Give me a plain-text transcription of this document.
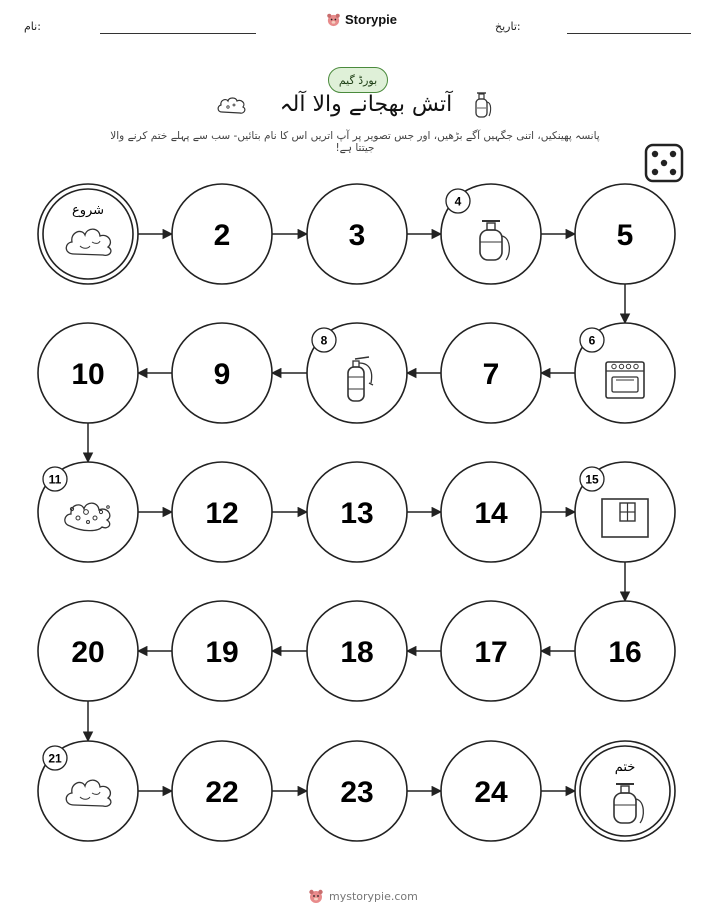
نام:	تاریخ:
Storypie
بورڈ گیم
آتش بھجانے والا آلہ
پانسہ پھینکیں، اتنی جگہیں آگے بڑھیں، اور جس تصویر پر آپ اتریں اس کا نام بتائیں- سب سے پہلے ختم کرنے والا جیتتا ہے!
شروع
2	3
4
5
6
7
8
9
10
11
12	13	14
15
16
17
18
19
20
21
22	23	24
ختم
mystorypie.com
